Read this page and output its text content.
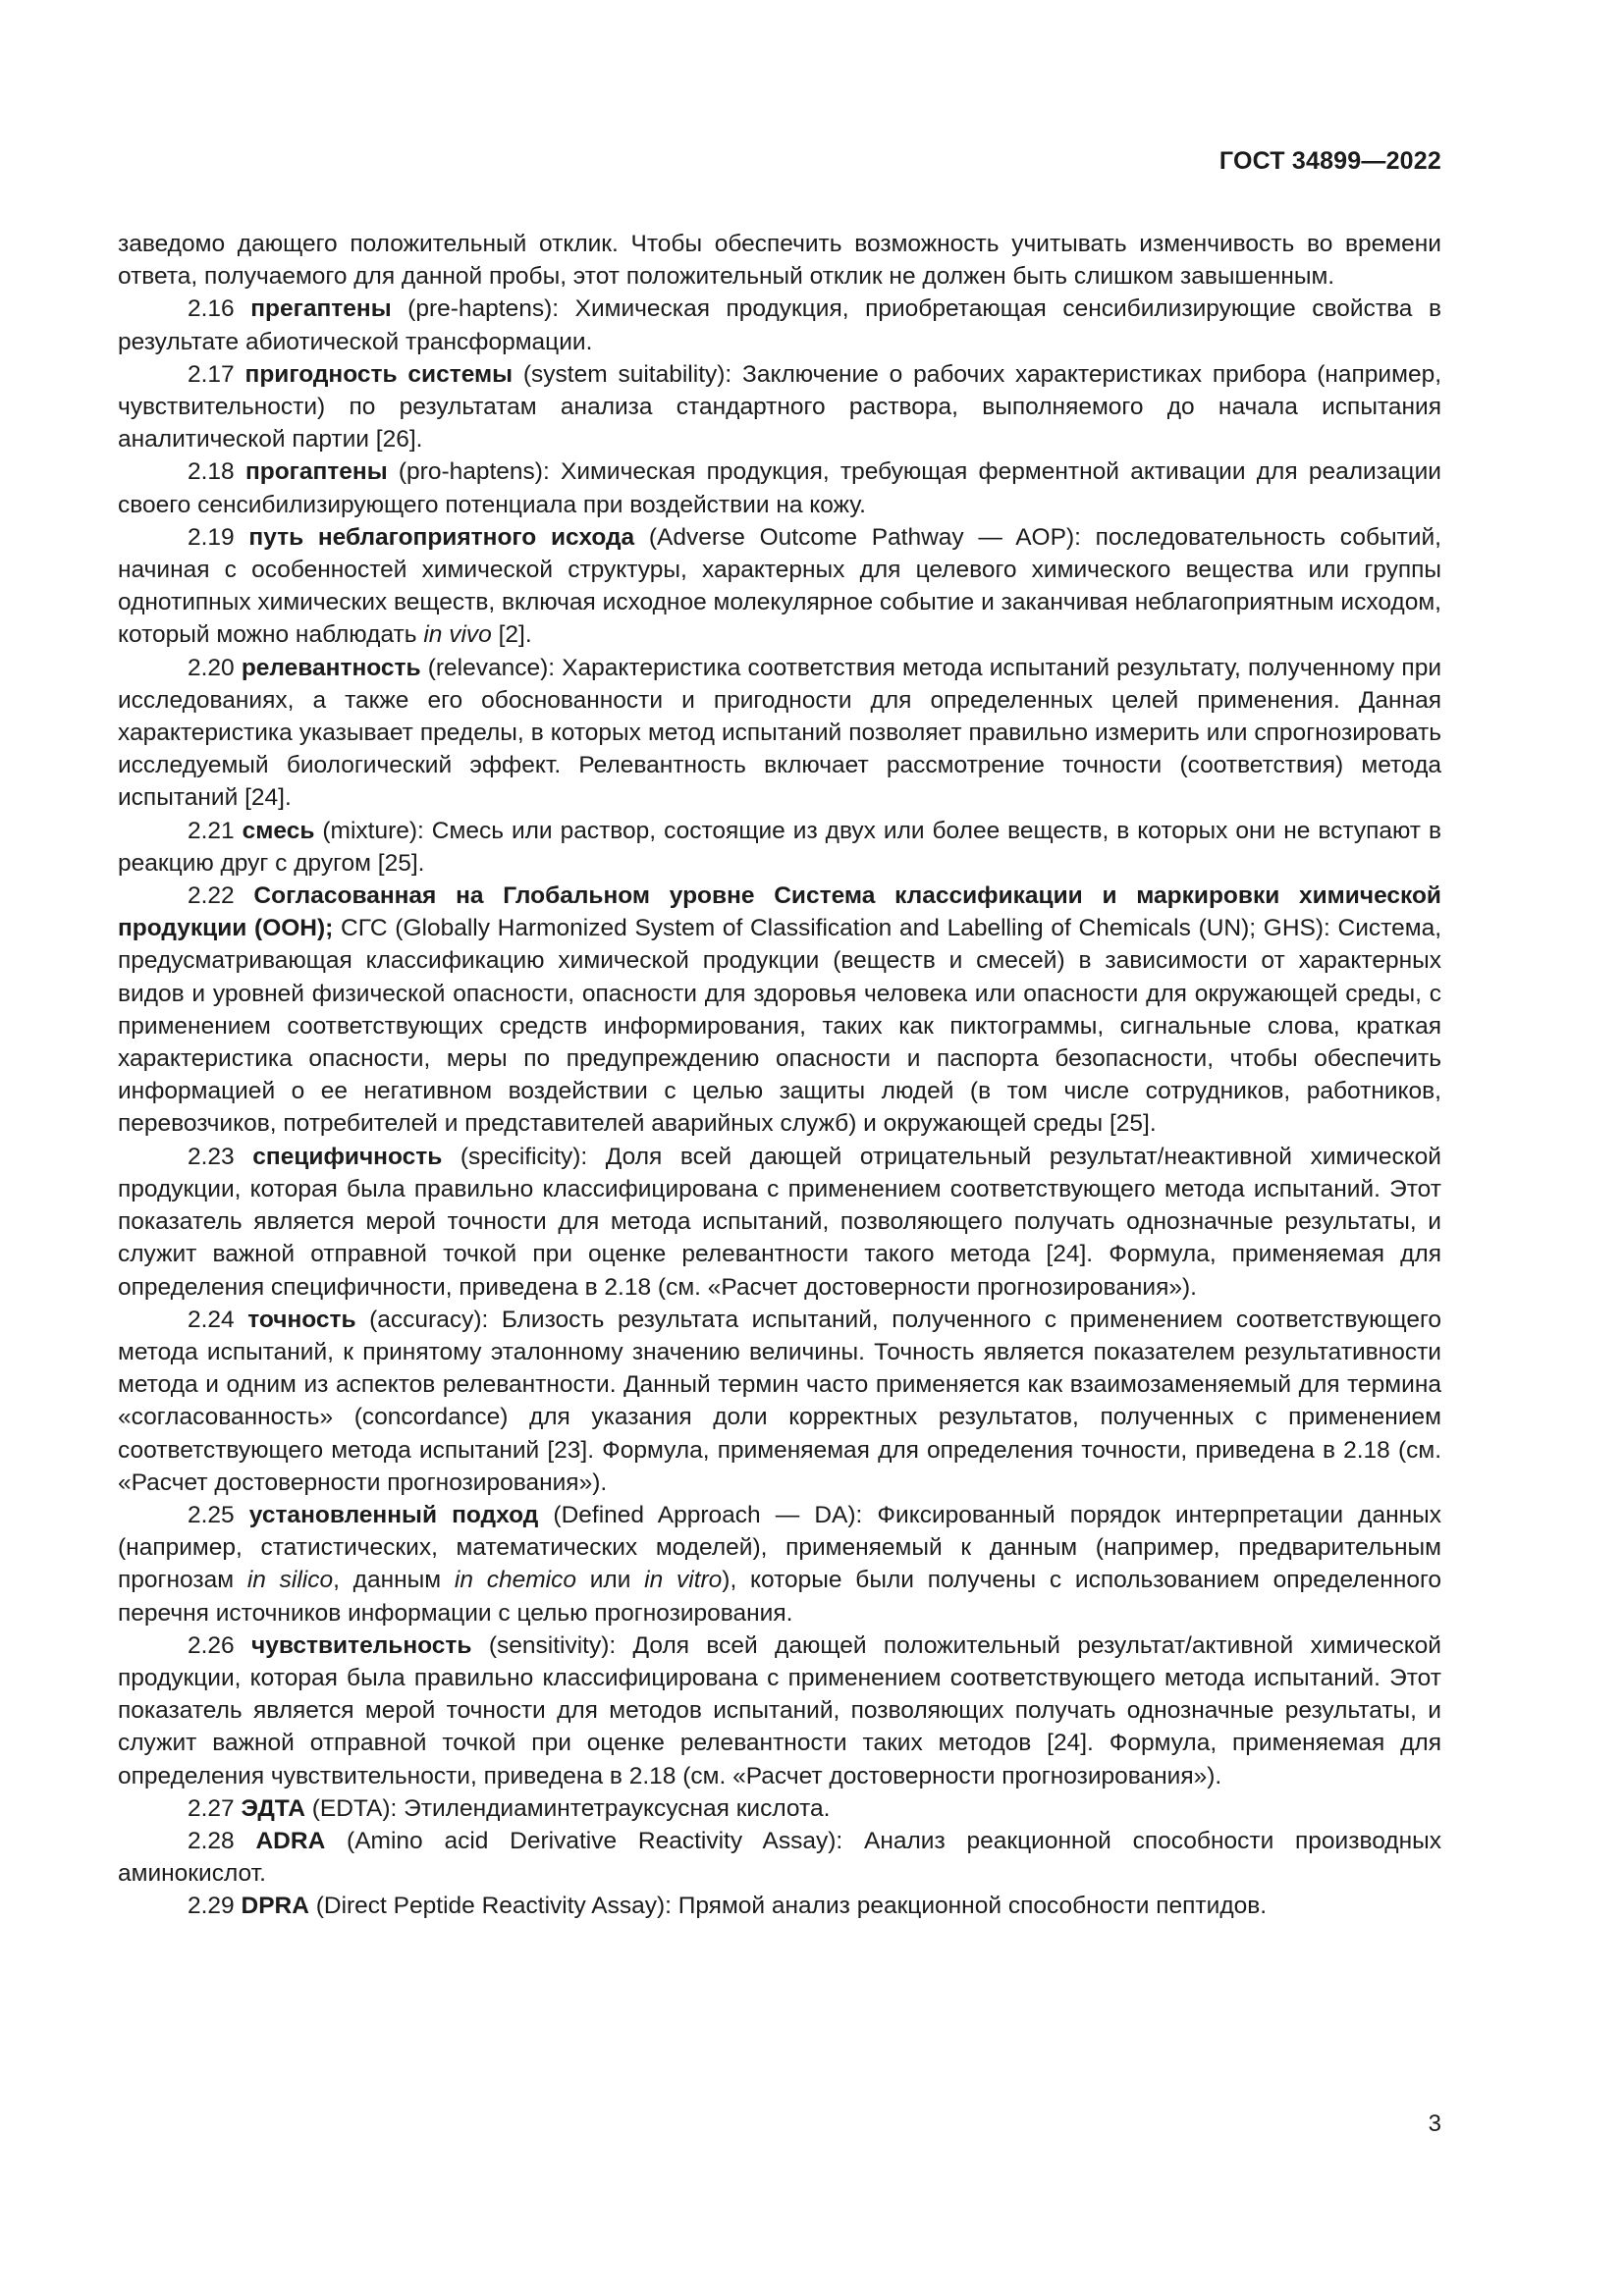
ГОСТ 34899—2022

заведомо дающего положительный отклик. Чтобы обеспечить возможность учитывать изменчивость во времени ответа, получаемого для данной пробы, этот положительный отклик не должен быть слишком завышенным.

2.16 прегаптены (pre-haptens): Химическая продукция, приобретающая сенсибилизирующие свойства в результате абиотической трансформации.

2.17 пригодность системы (system suitability): Заключение о рабочих характеристиках прибора (например, чувствительности) по результатам анализа стандартного раствора, выполняемого до начала испытания аналитической партии [26].

2.18 прогаптены (pro-haptens): Химическая продукция, требующая ферментной активации для реализации своего сенсибилизирующего потенциала при воздействии на кожу.

2.19 путь неблагоприятного исхода (Adverse Outcome Pathway — AOP): последовательность событий, начиная с особенностей химической структуры, характерных для целевого химического вещества или группы однотипных химических веществ, включая исходное молекулярное событие и заканчивая неблагоприятным исходом, который можно наблюдать in vivo [2].

2.20 релевантность (relevance): Характеристика соответствия метода испытаний результату, полученному при исследованиях, а также его обоснованности и пригодности для определенных целей применения. Данная характеристика указывает пределы, в которых метод испытаний позволяет правильно измерить или спрогнозировать исследуемый биологический эффект. Релевантность включает рассмотрение точности (соответствия) метода испытаний [24].

2.21 смесь (mixture): Смесь или раствор, состоящие из двух или более веществ, в которых они не вступают в реакцию друг с другом [25].

2.22 Согласованная на Глобальном уровне Система классификации и маркировки химической продукции (ООН); СГС (Globally Harmonized System of Classification and Labelling of Chemicals (UN); GHS): Система, предусматривающая классификацию химической продукции (веществ и смесей) в зависимости от характерных видов и уровней физической опасности, опасности для здоровья человека или опасности для окружающей среды, с применением соответствующих средств информирования, таких как пиктограммы, сигнальные слова, краткая характеристика опасности, меры по предупреждению опасности и паспорта безопасности, чтобы обеспечить информацией о ее негативном воздействии с целью защиты людей (в том числе сотрудников, работников, перевозчиков, потребителей и представителей аварийных служб) и окружающей среды [25].

2.23 специфичность (specificity): Доля всей дающей отрицательный результат/неактивной химической продукции, которая была правильно классифицирована с применением соответствующего метода испытаний. Этот показатель является мерой точности для метода испытаний, позволяющего получать однозначные результаты, и служит важной отправной точкой при оценке релевантности такого метода [24]. Формула, применяемая для определения специфичности, приведена в 2.18 (см. «Расчет достоверности прогнозирования»).

2.24 точность (accuracy): Близость результата испытаний, полученного с применением соответствующего метода испытаний, к принятому эталонному значению величины. Точность является показателем результативности метода и одним из аспектов релевантности. Данный термин часто применяется как взаимозаменяемый для термина «согласованность» (concordance) для указания доли корректных результатов, полученных с применением соответствующего метода испытаний [23]. Формула, применяемая для определения точности, приведена в 2.18 (см. «Расчет достоверности прогнозирования»).

2.25 установленный подход (Defined Approach — DA): Фиксированный порядок интерпретации данных (например, статистических, математических моделей), применяемый к данным (например, предварительным прогнозам in silico, данным in chemico или in vitro), которые были получены с использованием определенного перечня источников информации с целью прогнозирования.

2.26 чувствительность (sensitivity): Доля всей дающей положительный результат/активной химической продукции, которая была правильно классифицирована с применением соответствующего метода испытаний. Этот показатель является мерой точности для методов испытаний, позволяющих получать однозначные результаты, и служит важной отправной точкой при оценке релевантности таких методов [24]. Формула, применяемая для определения чувствительности, приведена в 2.18 (см. «Расчет достоверности прогнозирования»).

2.27 ЭДТА (EDTA): Этилендиаминтетрауксусная кислота.

2.28 ADRA (Amino acid Derivative Reactivity Assay): Анализ реакционной способности производных аминокислот.

2.29 DPRA (Direct Peptide Reactivity Assay): Прямой анализ реакционной способности пептидов.

3
